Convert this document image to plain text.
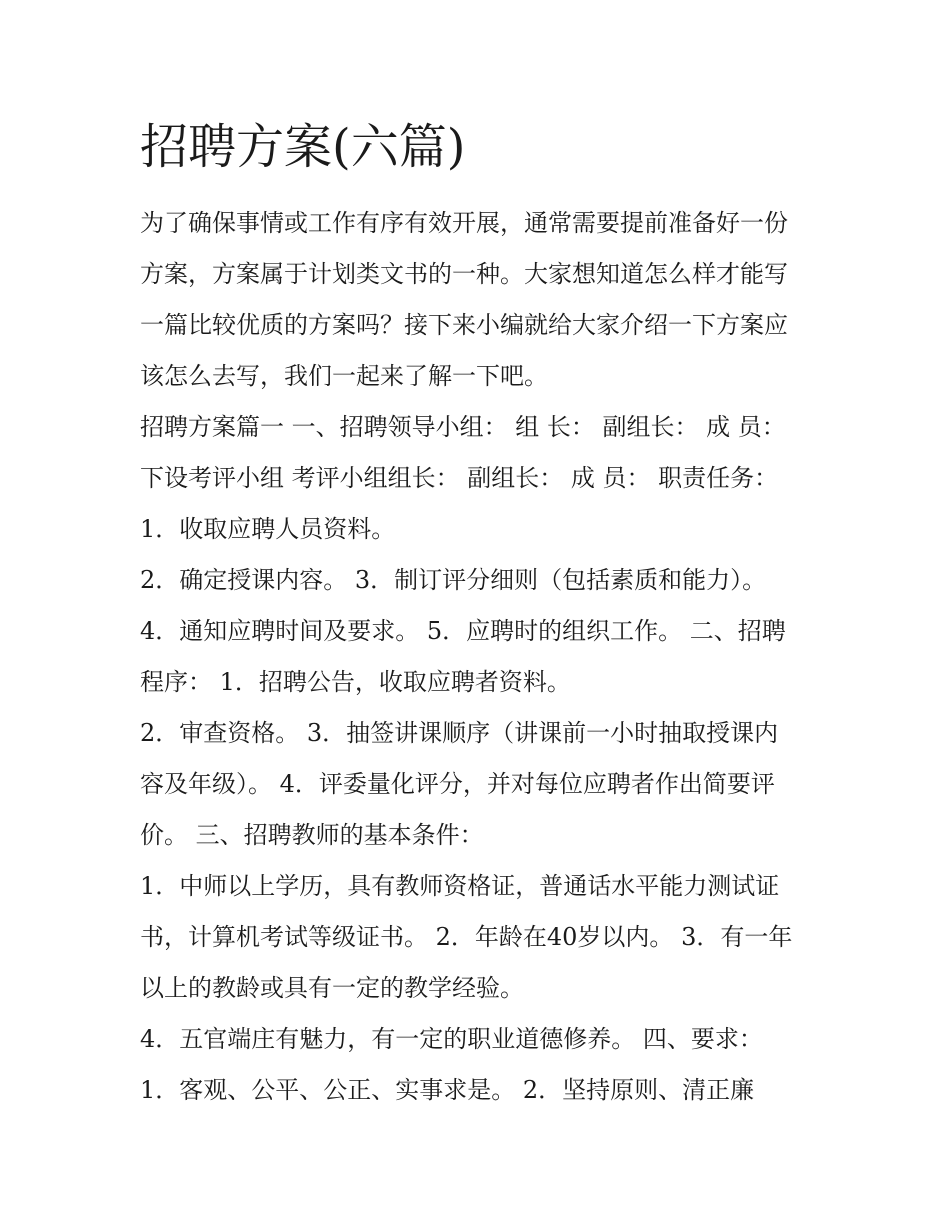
招聘方案(六篇)
为了确保事情或工作有序有效开展，通常需要提前准备好一份
方案，方案属于计划类文书的一种。大家想知道怎么样才能写
一篇比较优质的方案吗？接下来小编就给大家介绍一下方案应
该怎么去写，我们一起来了解一下吧。
招聘方案篇一 一、招聘领导小组： 组 长： 副组长： 成 员：
下设考评小组 考评小组组长： 副组长： 成 员： 职责任务：
1．收取应聘人员资料。
2．确定授课内容。 3．制订评分细则（包括素质和能力）。
4．通知应聘时间及要求。 5．应聘时的组织工作。 二、招聘
程序： 1．招聘公告，收取应聘者资料。
2．审查资格。 3．抽签讲课顺序（讲课前一小时抽取授课内
容及年级）。 4．评委量化评分，并对每位应聘者作出简要评
价。 三、招聘教师的基本条件：
1．中师以上学历，具有教师资格证，普通话水平能力测试证
书，计算机考试等级证书。 2．年龄在40岁以内。 3．有一年
以上的教龄或具有一定的教学经验。
4．五官端庄有魅力，有一定的职业道德修养。 四、要求：
1．客观、公平、公正、实事求是。 2．坚持原则、清正廉
